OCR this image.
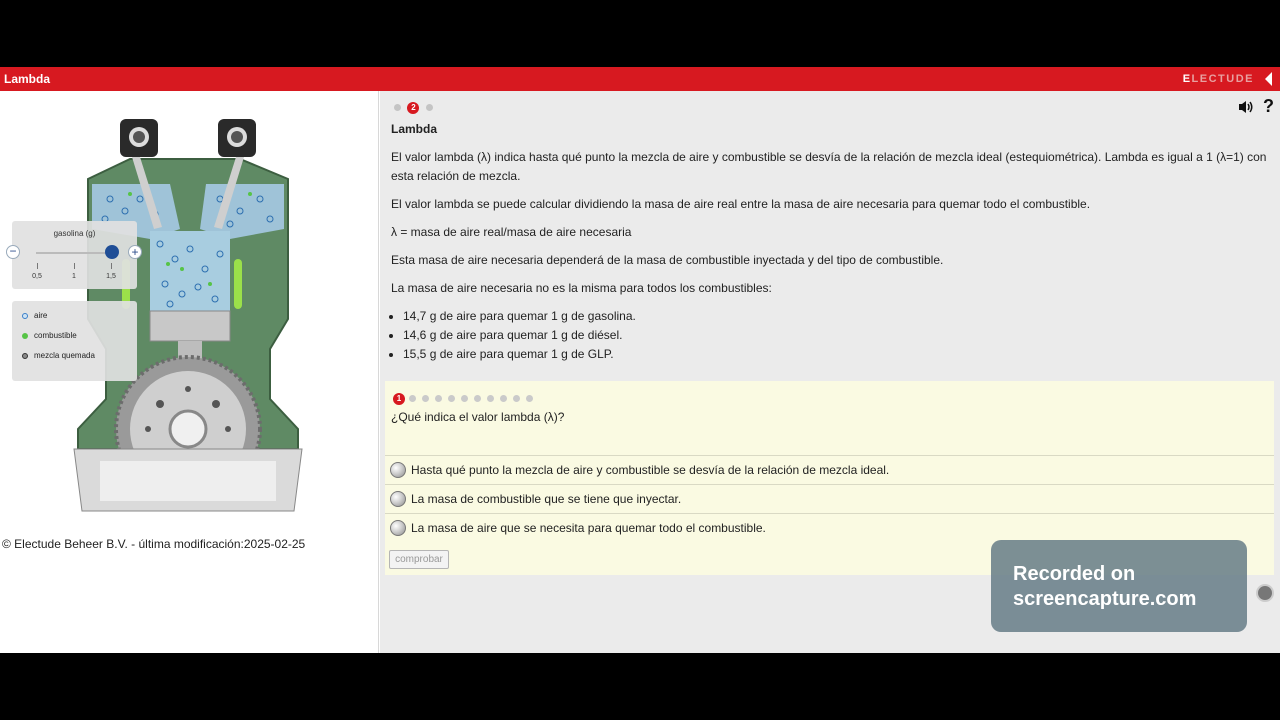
Lambda	ELECTUDE
gasolina (g)
−	+
0,5	1	1,5
aire
combustible
mezcla quemada
© Electude Beheer B.V. - última modificación:2025-02-25
2	?
Lambda

El valor lambda (λ) indica hasta qué punto la mezcla de aire y combustible se desvía de la relación de mezcla ideal (estequiométrica). Lambda es igual a 1 (λ=1) con esta relación de mezcla.

El valor lambda se puede calcular dividiendo la masa de aire real entre la masa de aire necesaria para quemar todo el combustible.

λ = masa de aire real/masa de aire necesaria

Esta masa de aire necesaria dependerá de la masa de combustible inyectada y del tipo de combustible.

La masa de aire necesaria no es la misma para todos los combustibles:

• 14,7 g de aire para quemar 1 g de gasolina.
• 14,6 g de aire para quemar 1 g de diésel.
• 15,5 g de aire para quemar 1 g de GLP.
1
¿Qué indica el valor lambda (λ)?
Hasta qué punto la mezcla de aire y combustible se desvía de la relación de mezcla ideal.
La masa de combustible que se tiene que inyectar.
La masa de aire que se necesita para quemar todo el combustible.
comprobar
Recorded on
screencapture.com
